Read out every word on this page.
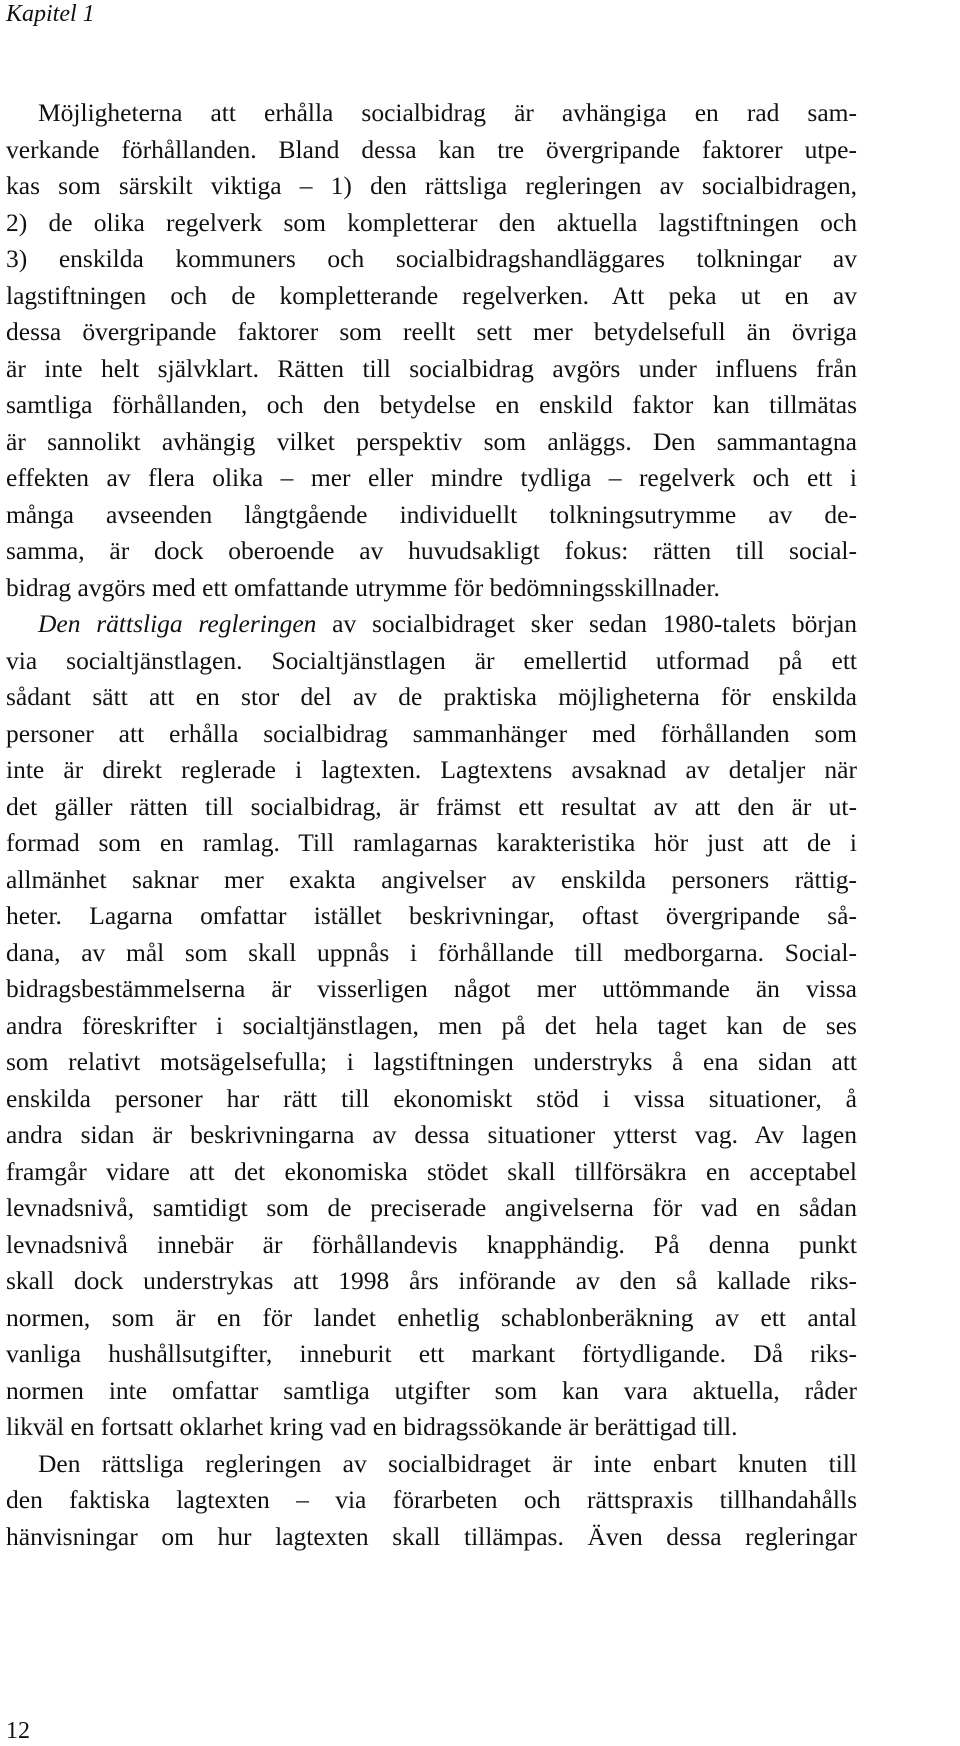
Kapitel 1
Möjligheterna att erhålla socialbidrag är avhängiga en rad sam-
verkande förhållanden. Bland dessa kan tre övergripande faktorer utpe-
kas som särskilt viktiga – 1) den rättsliga regleringen av socialbidragen,
2) de olika regelverk som kompletterar den aktuella lagstiftningen och
3) enskilda kommuners och socialbidragshandläggares tolkningar av
lagstiftningen och de kompletterande regelverken. Att peka ut en av
dessa övergripande faktorer som reellt sett mer betydelsefull än övriga
är inte helt självklart. Rätten till socialbidrag avgörs under influens från
samtliga förhållanden, och den betydelse en enskild faktor kan tillmätas
är sannolikt avhängig vilket perspektiv som anläggs. Den sammantagna
effekten av flera olika – mer eller mindre tydliga – regelverk och ett i
många avseenden långtgående individuellt tolkningsutrymme av de-
samma, är dock oberoende av huvudsakligt fokus: rätten till social-
bidrag avgörs med ett omfattande utrymme för bedömningsskillnader.
Den rättsliga regleringen av socialbidraget sker sedan 1980-talets början
via socialtjänstlagen. Socialtjänstlagen är emellertid utformad på ett
sådant sätt att en stor del av de praktiska möjligheterna för enskilda
personer att erhålla socialbidrag sammanhänger med förhållanden som
inte är direkt reglerade i lagtexten. Lagtextens avsaknad av detaljer när
det gäller rätten till socialbidrag, är främst ett resultat av att den är ut-
formad som en ramlag. Till ramlagarnas karakteristika hör just att de i
allmänhet saknar mer exakta angivelser av enskilda personers rättig-
heter. Lagarna omfattar istället beskrivningar, oftast övergripande så-
dana, av mål som skall uppnås i förhållande till medborgarna. Social-
bidragsbestämmelserna är visserligen något mer uttömmande än vissa
andra föreskrifter i socialtjänstlagen, men på det hela taget kan de ses
som relativt motsägelsefulla; i lagstiftningen understryks å ena sidan att
enskilda personer har rätt till ekonomiskt stöd i vissa situationer, å
andra sidan är beskrivningarna av dessa situationer ytterst vag. Av lagen
framgår vidare att det ekonomiska stödet skall tillförsäkra en acceptabel
levnadsnivå, samtidigt som de preciserade angivelserna för vad en sådan
levnadsnivå innebär är förhållandevis knapphändig. På denna punkt
skall dock understrykas att 1998 års införande av den så kallade riks-
normen, som är en för landet enhetlig schablonberäkning av ett antal
vanliga hushållsutgifter, inneburit ett markant förtydligande. Då riks-
normen inte omfattar samtliga utgifter som kan vara aktuella, råder
likväl en fortsatt oklarhet kring vad en bidragssökande är berättigad till.
Den rättsliga regleringen av socialbidraget är inte enbart knuten till
den faktiska lagtexten – via förarbeten och rättspraxis tillhandahålls
hänvisningar om hur lagtexten skall tillämpas. Även dessa regleringar
12
